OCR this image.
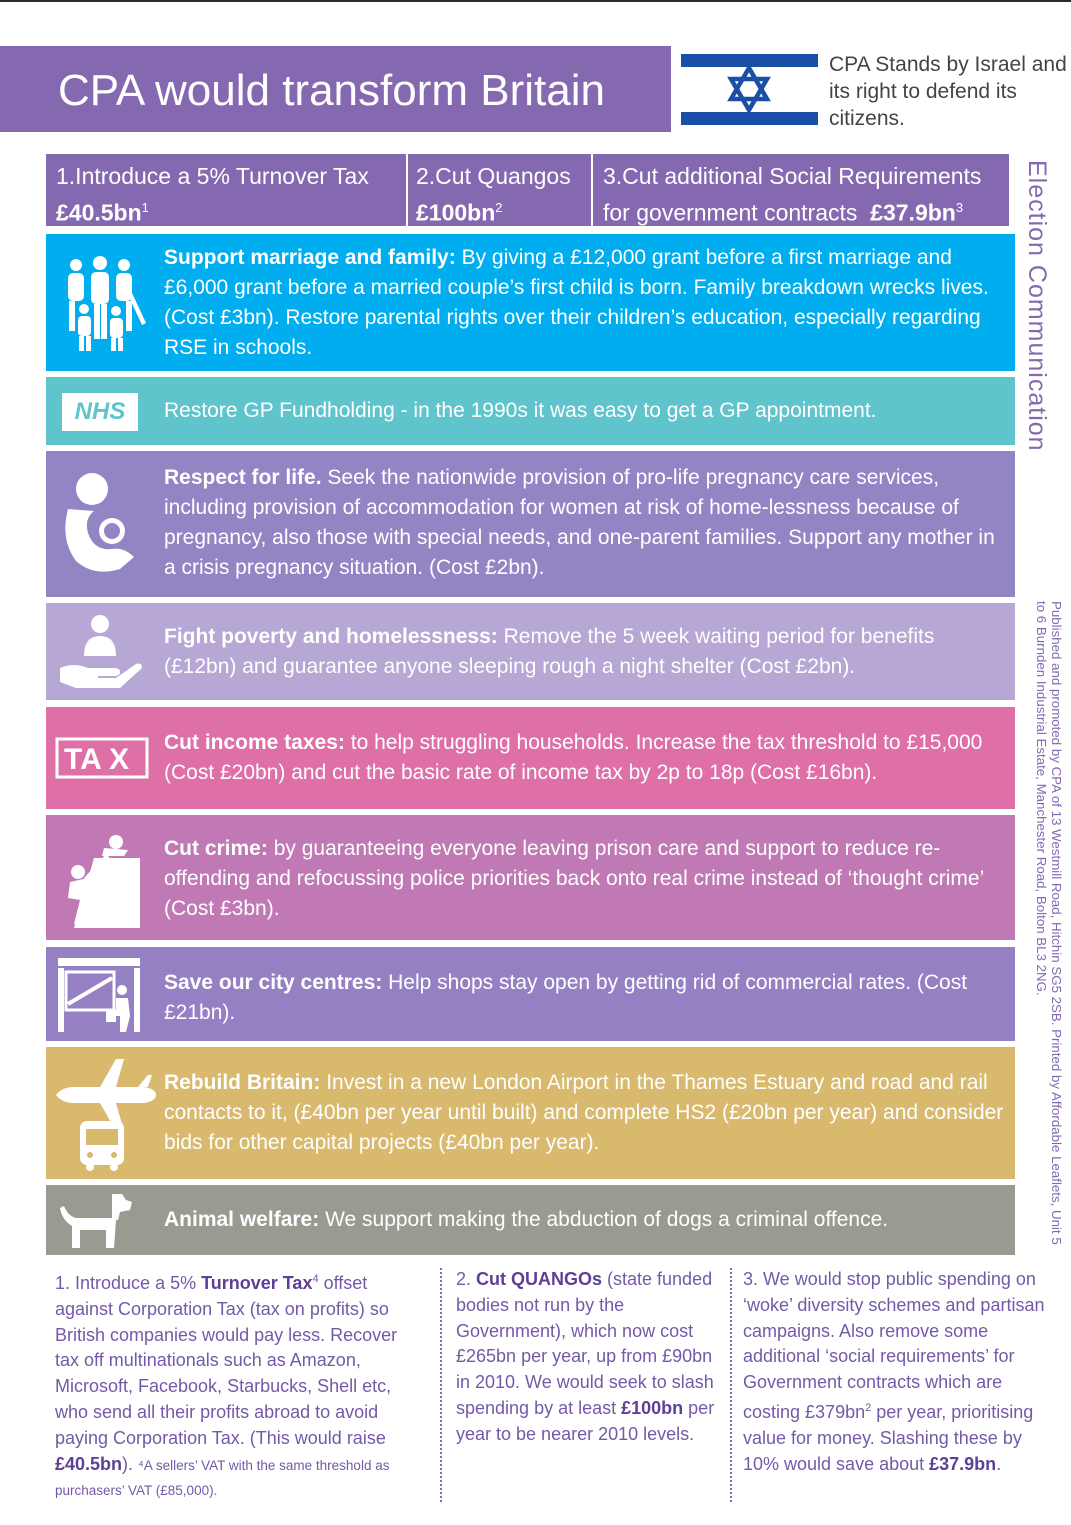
CPA would transform Britain
CPA Stands by Israel and its right to defend its citizens.
1.Introduce a 5% Turnover Tax
$£40.5bn^1$
2.Cut Quangos
$£100bn^2$
3.Cut additional Social Requirements
for government contracts $£37.9bn^3$	Election Communication
Published and promoted by CPA of 13 Westmill Road, Hitchin SG5 2SB. Printed by Affordable Leaflets, Unit 5 to 6 Burnden Industrial Estate, Manchester Road, Bolton BL3 2NG.
Support marriage and family: By giving a £12,000 grant before a first marriage and £6,000 grant before a married couple’s first child is born. Family breakdown wrecks lives. (Cost £3bn). Restore parental rights over their children’s education, especially regarding RSE in schools.
NHS	Restore GP Fundholding - in the 1990s it was easy to get a GP appointment.
Respect for life. Seek the nationwide provision of pro-life pregnancy care services, including provision of accommodation for women at risk of home-lessness because of pregnancy, also those with special needs, and one-parent families. Support any mother in a crisis pregnancy situation. (Cost £2bn).
Fight poverty and homelessness: Remove the 5 week waiting period for benefits (£12bn) and guarantee anyone sleeping rough a night shelter (Cost £2bn).
TA X
Cut income taxes: to help struggling households. Increase the tax threshold to £15,000 (Cost £20bn) and cut the basic rate of income tax by 2p to 18p (Cost £16bn).
Cut crime: by guaranteeing everyone leaving prison care and support to reduce re-offending and refocussing police priorities back onto real crime instead of ‘thought crime’ (Cost £3bn).
Save our city centres: Help shops stay open by getting rid of commercial rates. (Cost £21bn).
Rebuild Britain: Invest in a new London Airport in the Thames Estuary and road and rail contacts to it, (£40bn per year until built) and complete HS2 (£20bn per year) and consider bids for other capital projects (£40bn per year).
Animal welfare: We support making the abduction of dogs a criminal offence.
1. Introduce a 5% Turnover Tax$^4$ offset against Corporation Tax (tax on profits) so British companies would pay less. Recover tax off multinationals such as Amazon, Microsoft, Facebook, Starbucks, Shell etc, who send all their profits abroad to avoid paying Corporation Tax. (This would raise £40.5bn). ⁴A sellers’ VAT with the same threshold as purchasers’ VAT (£85,000).
2. Cut QUANGOs (state funded bodies not run by the Government), which now cost £265bn per year, up from £90bn in 2010. We would seek to slash spending by at least £100bn per year to be nearer 2010 levels.
3. We would stop public spending on ‘woke’ diversity schemes and partisan campaigns. Also remove some additional ‘social requirements’ for Government contracts which are costing $£379bn^2$ per year, prioritising value for money. Slashing these by 10% would save about £37.9bn.
